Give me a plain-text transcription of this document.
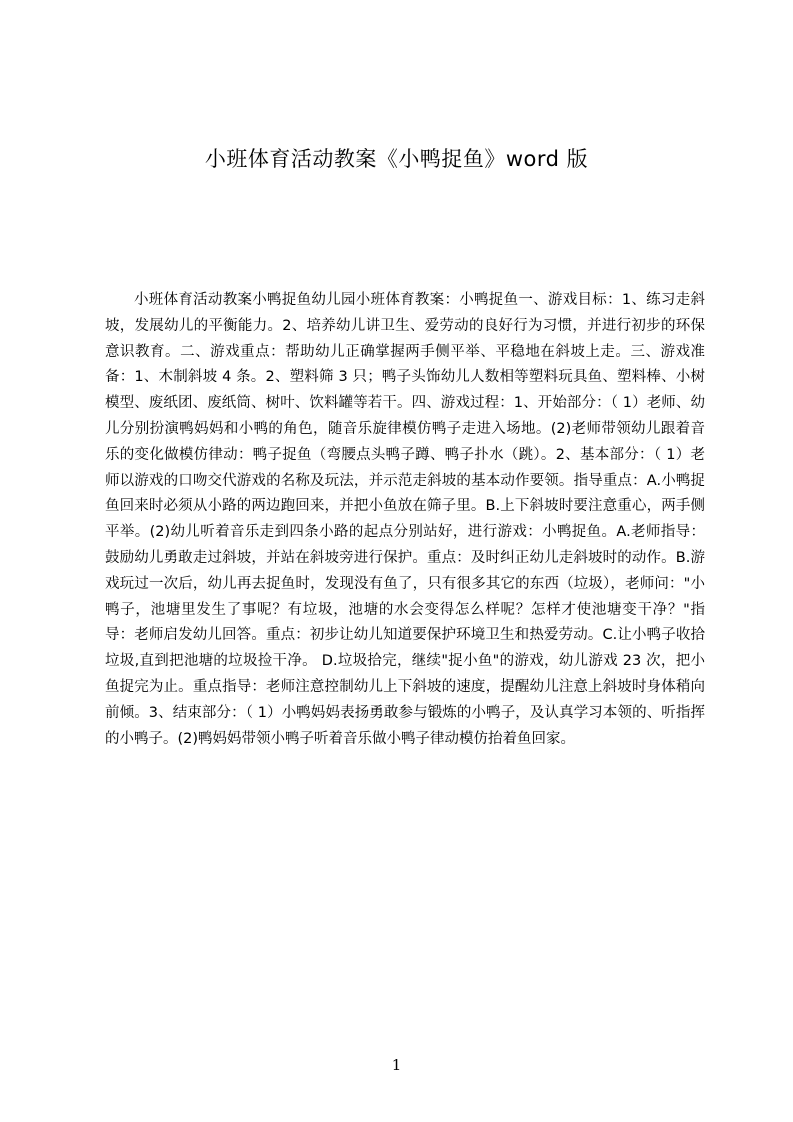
小班体育活动教案《小鸭捉鱼》word 版

小班体育活动教案小鸭捉鱼幼儿园小班体育教案：小鸭捉鱼一、游戏目标：1、练习走斜坡，发展幼儿的平衡能力。2、培养幼儿讲卫生、爱劳动的良好行为习惯，并进行初步的环保意识教育。二、游戏重点：帮助幼儿正确掌握两手侧平举、平稳地在斜坡上走。三、游戏准备：1、木制斜坡 4 条。2、塑料筛 3 只；鸭子头饰幼儿人数相等塑料玩具鱼、塑料棒、小树模型、废纸团、废纸筒、树叶、饮料罐等若干。四、游戏过程：1、开始部分：（ 1）老师、幼儿分别扮演鸭妈妈和小鸭的角色，随音乐旋律模仿鸭子走进入场地。(2)老师带领幼儿跟着音乐的变化做模仿律动：鸭子捉鱼（弯腰点头鸭子蹲、鸭子扑水（跳）。2、基本部分：（ 1）老师以游戏的口吻交代游戏的名称及玩法，并示范走斜坡的基本动作要领。指导重点：A.小鸭捉鱼回来时必须从小路的两边跑回来，并把小鱼放在筛子里。B.上下斜坡时要注意重心，两手侧平举。(2)幼儿听着音乐走到四条小路的起点分别站好，进行游戏：小鸭捉鱼。A.老师指导：鼓励幼儿勇敢走过斜坡，并站在斜坡旁进行保护。重点：及时纠正幼儿走斜坡时的动作。B.游戏玩过一次后，幼儿再去捉鱼时，发现没有鱼了，只有很多其它的东西（垃圾），老师问："小鸭子，池塘里发生了事呢？有垃圾，池塘的水会变得怎么样呢？怎样才使池塘变干净？"指导：老师启发幼儿回答。重点：初步让幼儿知道要保护环境卫生和热爱劳动。C.让小鸭子收拾垃圾,直到把池塘的垃圾捡干净。 D.垃圾拾完，继续"捉小鱼"的游戏，幼儿游戏 23 次，把小鱼捉完为止。重点指导：老师注意控制幼儿上下斜坡的速度，提醒幼儿注意上斜坡时身体稍向前倾。3、结束部分：（ 1）小鸭妈妈表扬勇敢参与锻炼的小鸭子，及认真学习本领的、听指挥的小鸭子。(2)鸭妈妈带领小鸭子听着音乐做小鸭子律动模仿抬着鱼回家。

1
